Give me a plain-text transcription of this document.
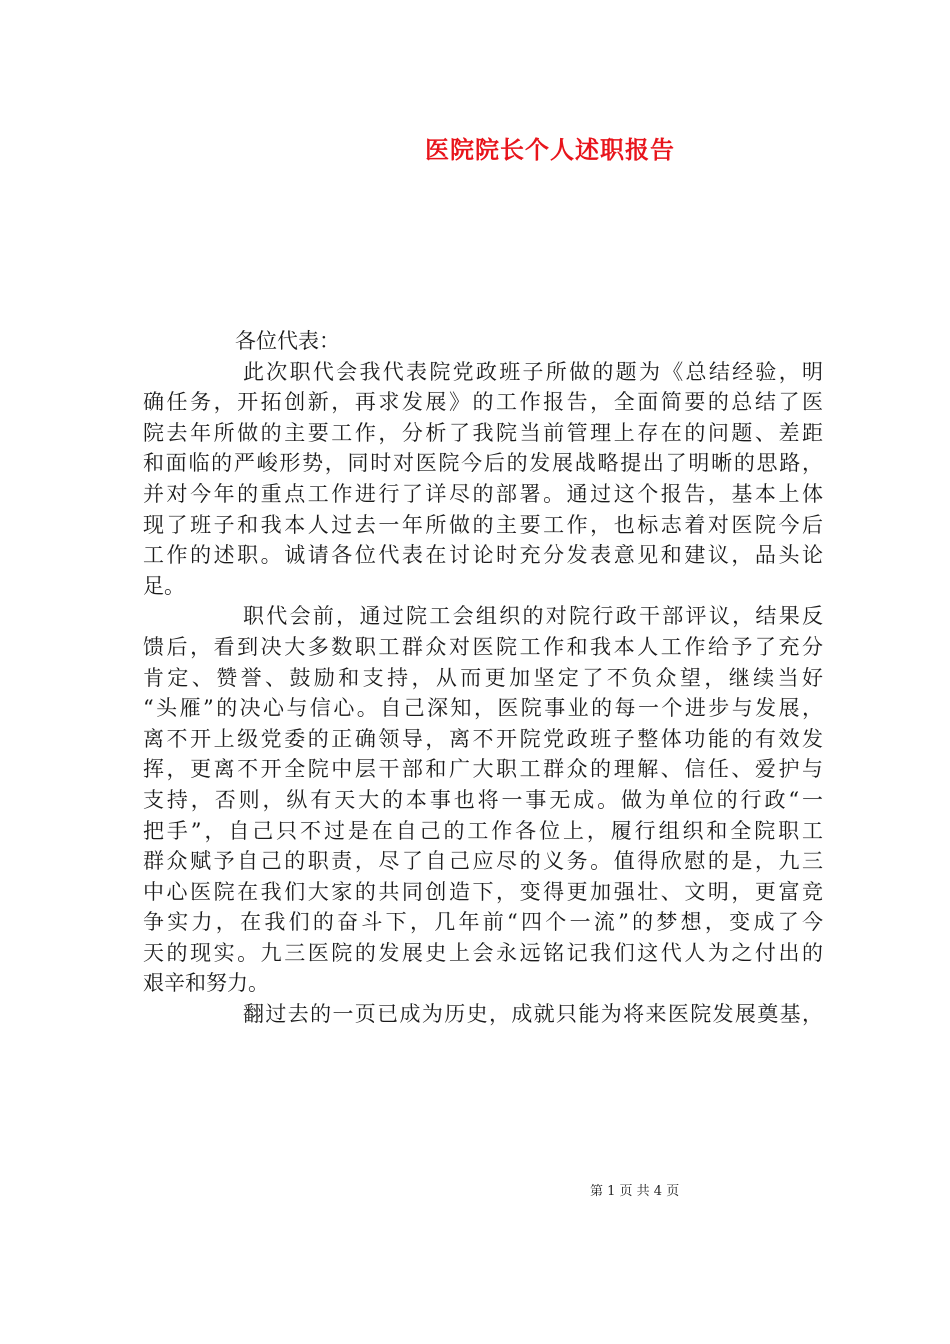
医院院长个人述职报告
各位代表：
此次职代会我代表院党政班子所做的题为《总结经验，明
确任务，开拓创新，再求发展》的工作报告，全面简要的总结了医
院去年所做的主要工作，分析了我院当前管理上存在的问题、差距
和面临的严峻形势，同时对医院今后的发展战略提出了明晰的思路，
并对今年的重点工作进行了详尽的部署。通过这个报告，基本上体
现了班子和我本人过去一年所做的主要工作，也标志着对医院今后
工作的述职。诚请各位代表在讨论时充分发表意见和建议，品头论
足。
职代会前，通过院工会组织的对院行政干部评议，结果反
馈后，看到决大多数职工群众对医院工作和我本人工作给予了充分
肯定、赞誉、鼓励和支持，从而更加坚定了不负众望，继续当好
“头雁”的决心与信心。自己深知，医院事业的每一个进步与发展，
离不开上级党委的正确领导，离不开院党政班子整体功能的有效发
挥，更离不开全院中层干部和广大职工群众的理解、信任、爱护与
支持，否则，纵有天大的本事也将一事无成。做为单位的行政“一
把手”，自己只不过是在自己的工作各位上，履行组织和全院职工
群众赋予自己的职责，尽了自己应尽的义务。值得欣慰的是，九三
中心医院在我们大家的共同创造下，变得更加强壮、文明，更富竞
争实力，在我们的奋斗下，几年前“四个一流”的梦想，变成了今
天的现实。九三医院的发展史上会永远铭记我们这代人为之付出的
艰辛和努力。
翻过去的一页已成为历史，成就只能为将来医院发展奠基，
第 1 页 共 4 页
